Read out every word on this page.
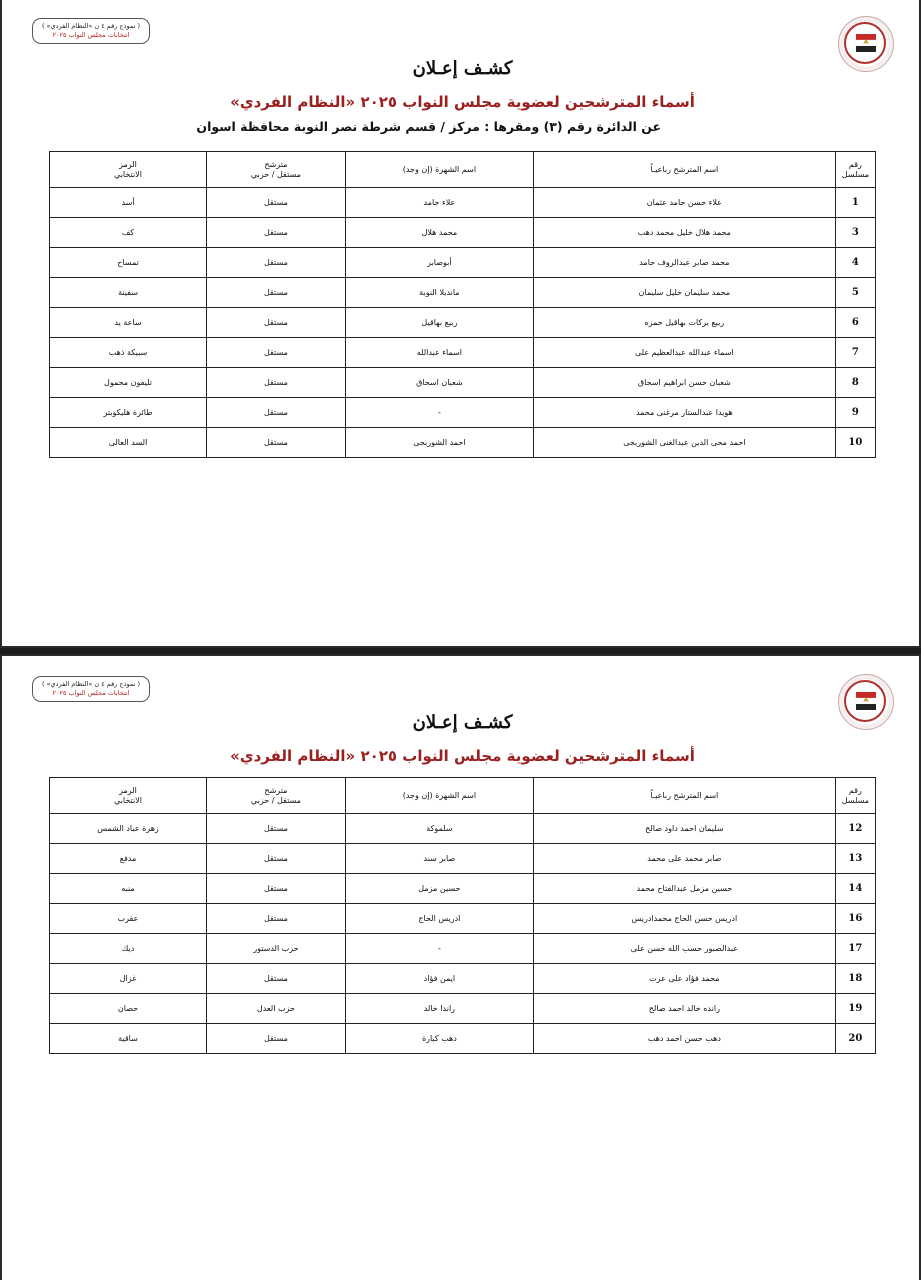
( نموذج رقم ٤ ن «النظام الفردي» )
انتخابات مجلس النواب ٢٠٢٥
كشـف إعـلان
أسماء المترشحين لعضوية مجلس النواب ٢٠٢٥ «النظام الفردي»
عن الدائرة رقم (٣) ومقرها : مركز / قسم شرطة نصر النوبة محافظة اسوان
رقم
مسلسل	اسم المترشح رباعيـاً	اسم الشهرة (إن وجد)	مترشح
مستقل / حزبي	الرمز
الانتخابي

1	علاء حسن حامد عثمان	علاء حامد	مستقل	أسد
3	محمد هلال خليل محمد دهب	محمد هلال	مستقل	كف
4	محمد صابر عبدالروف حامد	أبوصابر	مستقل	تمساح
5	محمد سليمان خليل سليمان	مانديلا النوبة	مستقل	سفينة
6	ربيع بركات بهاقيل حمزه	ربيع بهاقيل	مستقل	ساعة يد
7	اسماء عبدالله عبدالعظيم على	اسماء عبدالله	مستقل	سبيكة ذهب
8	شعبان حسن ابراهيم اسحاق	شعبان اسحاق	مستقل	تليفون محمول
9	هويدا عبدالستار مرغنى محمد	-	مستقل	طائرة هليكوبتر
10	احمد محى الدين عبدالغنى الشوربجى	احمد الشوربجى	مستقل	السد العالى
( نموذج رقم ٤ ن «النظام الفردي» )
انتخابات مجلس النواب ٢٠٢٥
كشـف إعـلان
أسماء المترشحين لعضوية مجلس النواب ٢٠٢٥ «النظام الفردي»
رقم
مسلسل	اسم المترشح رباعيـاً	اسم الشهرة (إن وجد)	مترشح
مستقل / حزبي	الرمز
الانتخابي

12	سليمان احمد داود صالح	سلموكة	مستقل	زهرة عباد الشمس
13	صابر محمد على محمد	صابر سند	مستقل	مدفع
14	حسين مزمل عبدالفتاح محمد	حسين مزمل	مستقل	منبه
16	ادريس حسن الحاج محمدادريس	ادريس الحاج	مستقل	عقرب
17	عبدالصبور حسب الله حسن على	-	حزب الدستور	ديك
18	محمد فؤاد على عزت	ايمن فؤاد	مستقل	غزال
19	رانده خالد احمد صالح	راندا خالد	حزب العدل	حصان
20	دهب حسن احمد دهب	دهب كبارة	مستقل	ساقية
